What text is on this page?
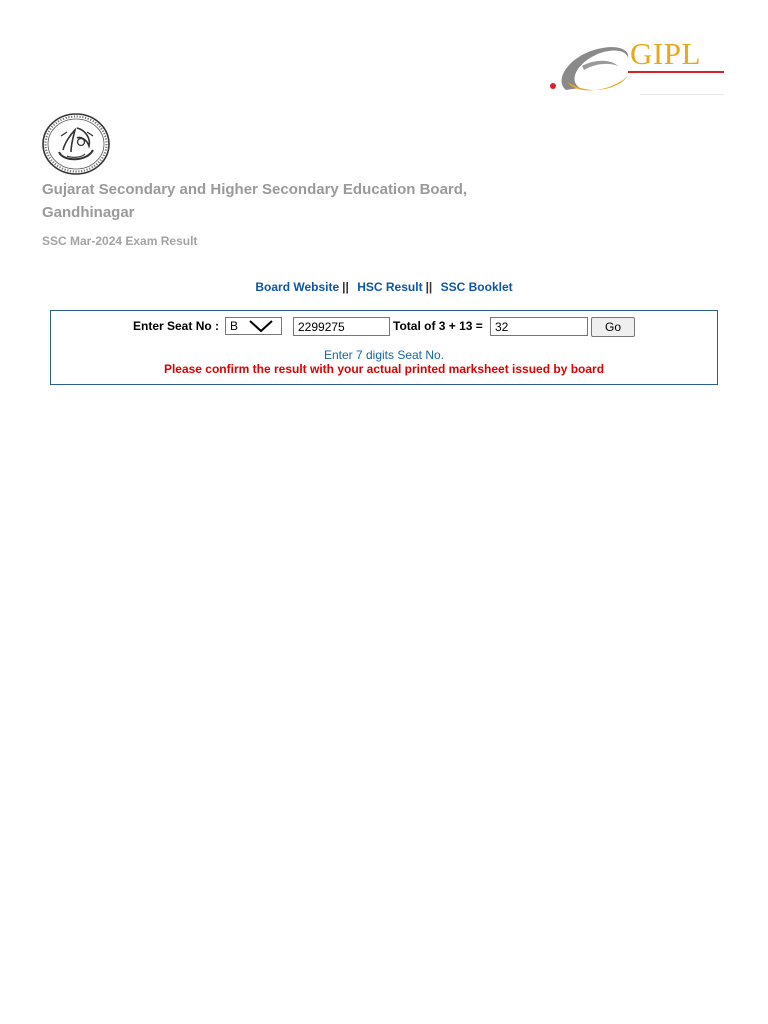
GIPL
Gujarat Secondary and Higher Secondary Education Board, Gandhinagar
SSC Mar-2024 Exam Result
Board Website || HSC Result || SSC Booklet
Enter Seat No : B
2299275	Total of 3 + 13 =
32	Go
Enter 7 digits Seat No.
Please confirm the result with your actual printed marksheet issued by board
